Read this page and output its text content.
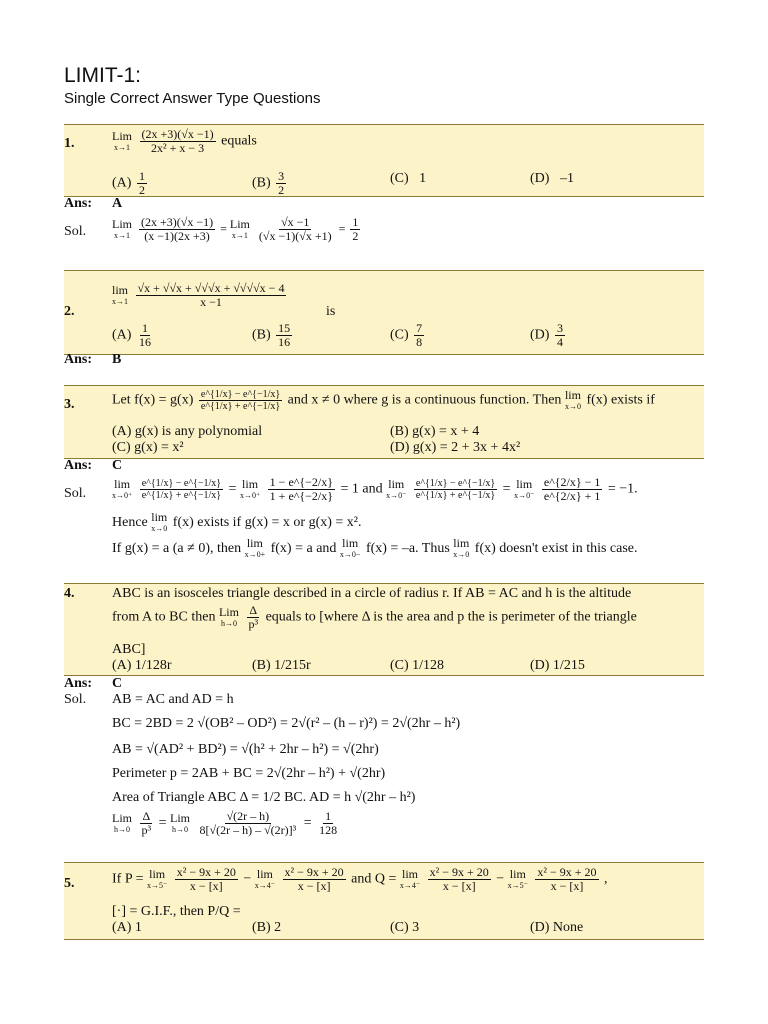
LIMIT-1:
Single Correct Answer Type Questions
1.
Lim
x→1
$\frac{(2x +3)(√x -1)}{\text{2x² + x − 3}}$ equals
$(A) \frac{1}{2}$	$(B) \frac{3}{2}$	(C) 1	(D) –1
Ans: A
Sol.
Lim
x→1
$\frac{(2x +3)(√x -1)}{(x -1)(2x +3)}$ = Lim
x→1
$\frac{√x -1}{(√x -1)(√x +1)} = \frac{1}{2}$
2.
lim
x→1
$\frac{√x + √√x + √√√x + √√√√x - 4}{x -1}$
is
$(A) \frac{1}{16}$	$(B) \frac{15}{16}$	$(C) \frac{7}{8}$	$(D) \frac{3}{4}$
Ans: B
3.	Let $f(x) = g(x) \frac{e\^{}\{1/x\} - e\^{}\{-1/x\}}{e\^{}\{1/x\} + e\^{}\{-1/x\}}$ and x ≠ 0 where g is a continuous function. Then lim
x→0 f(x) exists if
(A) g(x) is any polynomial	(B) g(x) = x + 4
(C) g(x) = x²	(D) g(x) = 2 + 3x + 4x²
Ans: C
Sol.
lim
x→0⁺
$\frac{e\^{}\{1/x\} - e\^{}\{-1/x\}}{e\^{}\{1/x\} + e\^{}\{-1/x\}} = \lim$
x→0⁺
$\frac{1 - e\^{}\{-2/x\}}{1 + e\^{}\{-2/x\}} = 1$ and lim
x→0⁻
$\frac{e\^{}\{1/x\} - e\^{}\{-1/x\}}{e\^{}\{1/x\} + e\^{}\{-1/x\}} = \lim$
x→0⁻
$\frac{e\^{}\{2/x\} - 1}{e\^{}\{2/x\} + 1} = -1$.
Hence lim
x→0 f(x) exists if g(x) = x or g(x) = x².
If g(x) = a (a ≠ 0), then lim
x→0+ f(x) = a and lim
x→0− f(x) = –a. Thus lim
x→0 f(x) doesn't exist in this case.
4.	ABC is an isosceles triangle described in a circle of radius r. If AB = AC and h is the altitude
from A to BC then Lim
h→0
$\frac{\Delta}{\text{p³}}$ equals to [where Δ is the area and p the is perimeter of the triangle
ABC]
(A) 1/128r	(B) 1/215r	(C) 1/128	(D) 1/215
Ans: C
Sol. AB = AC and AD = h
BC = 2BD = 2 √(OB² – OD²) = 2√(r² – (h – r)²) = 2√(2hr – h²)
AB = √(AD² + BD²) = √(h² + 2hr – h²) = √(2hr)
Perimeter p = 2AB + BC = 2√(2hr – h²) + √(2hr)
Area of Triangle ABC Δ = 1/2 BC. AD = h √(2hr – h²)
Lim
h→0
$\frac{\Delta}{\text{p³}}$ = Lim
h→0
$\frac{√(2r - h)}{\text{8[√(2r – h) – √(2r)]³}} = \frac{1}{128}$
5.	If P = lim
x→5⁻
$\frac{\text{x² − 9x + 20}}{x - [x]} - \lim$
x→4⁻
$\frac{\text{x² − 9x + 20}}{x - [x]}$ and Q = lim
x→4⁻
$\frac{\text{x² − 9x + 20}}{x - [x]} - \lim$
x→5⁻
$\frac{\text{x² − 9x + 20}}{x - [x]}$ ,
[·] = G.I.F., then P/Q =
(A) 1	(B) 2	(C) 3	(D) None
